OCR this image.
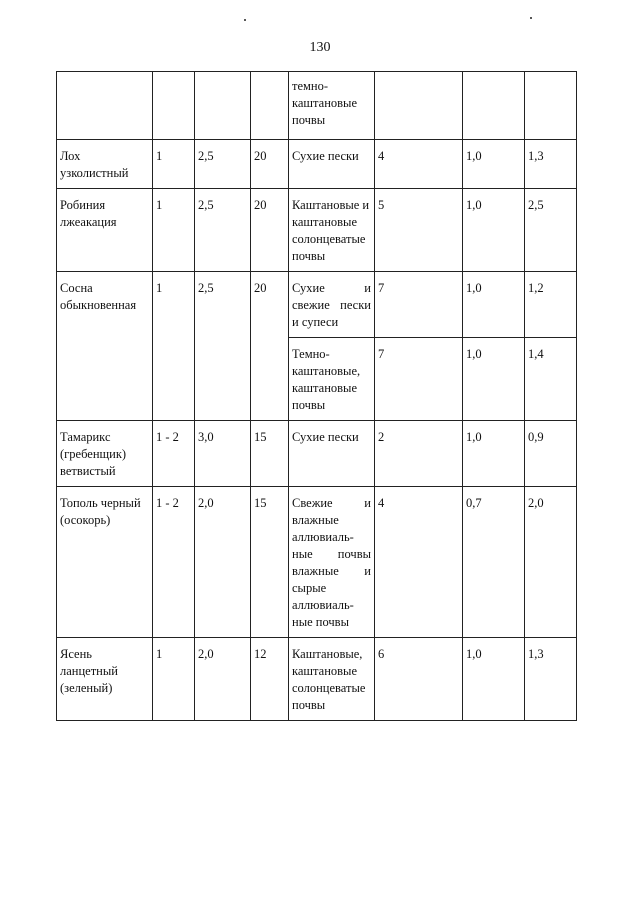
130
				темно-каштановые почвы			
Лох узколистный	1	2,5	20	Сухие пески	4	1,0	1,3
Робиния лжеакация	1	2,5	20	Каштановые и каштановые солонцеватые почвы	5	1,0	2,5
Сосна обыкновенная	1	2,5	20	Сухие и свежие пески и супеси	7	1,0	1,2
				Темно-каштановые, каштановые почвы	7	1,0	1,4
Тамарикс (гребенщик) ветвистый	1 - 2	3,0	15	Сухие пески	2	1,0	0,9
Тополь черный (осокорь)	1 - 2	2,0	15	Свежие и влажные аллювиаль-ные почвы влажные и сырые аллювиаль-ные почвы	4	0,7	2,0
Ясень ланцетный (зеленый)	1	2,0	12	Каштановые, каштановые солонцеватые почвы	6	1,0	1,3
